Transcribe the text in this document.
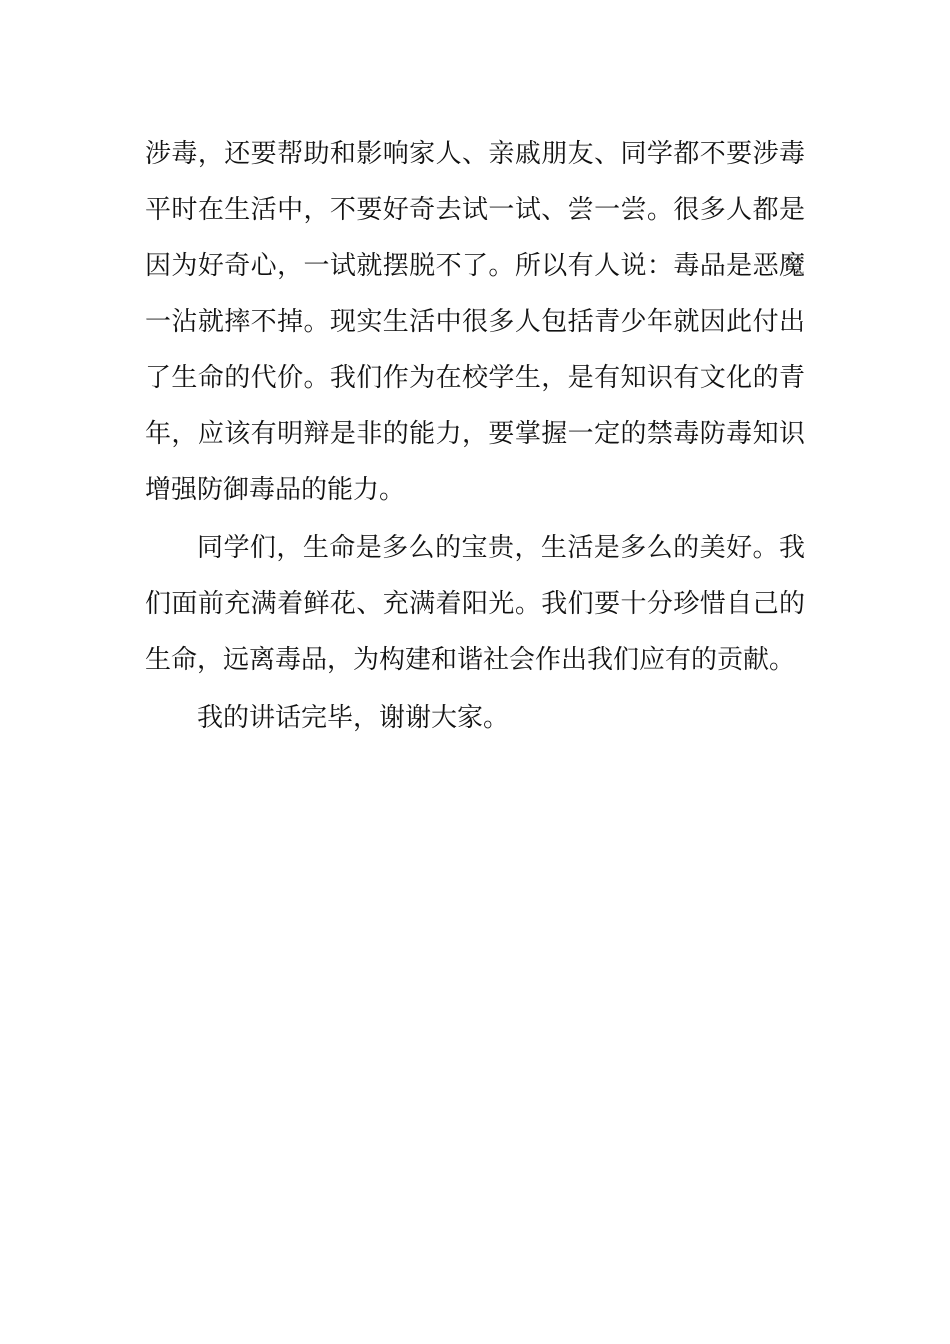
涉毒，还要帮助和影响家人、亲戚朋友、同学都不要涉毒
平时在生活中，不要好奇去试一试、尝一尝。很多人都是
因为好奇心，一试就摆脱不了。所以有人说：毒品是恶魔
一沾就摔不掉。现实生活中很多人包括青少年就因此付出
了生命的代价。我们作为在校学生，是有知识有文化的青
年，应该有明辩是非的能力，要掌握一定的禁毒防毒知识
增强防御毒品的能力。
同学们，生命是多么的宝贵，生活是多么的美好。我
们面前充满着鲜花、充满着阳光。我们要十分珍惜自己的
生命，远离毒品，为构建和谐社会作出我们应有的贡献。
我的讲话完毕，谢谢大家。
